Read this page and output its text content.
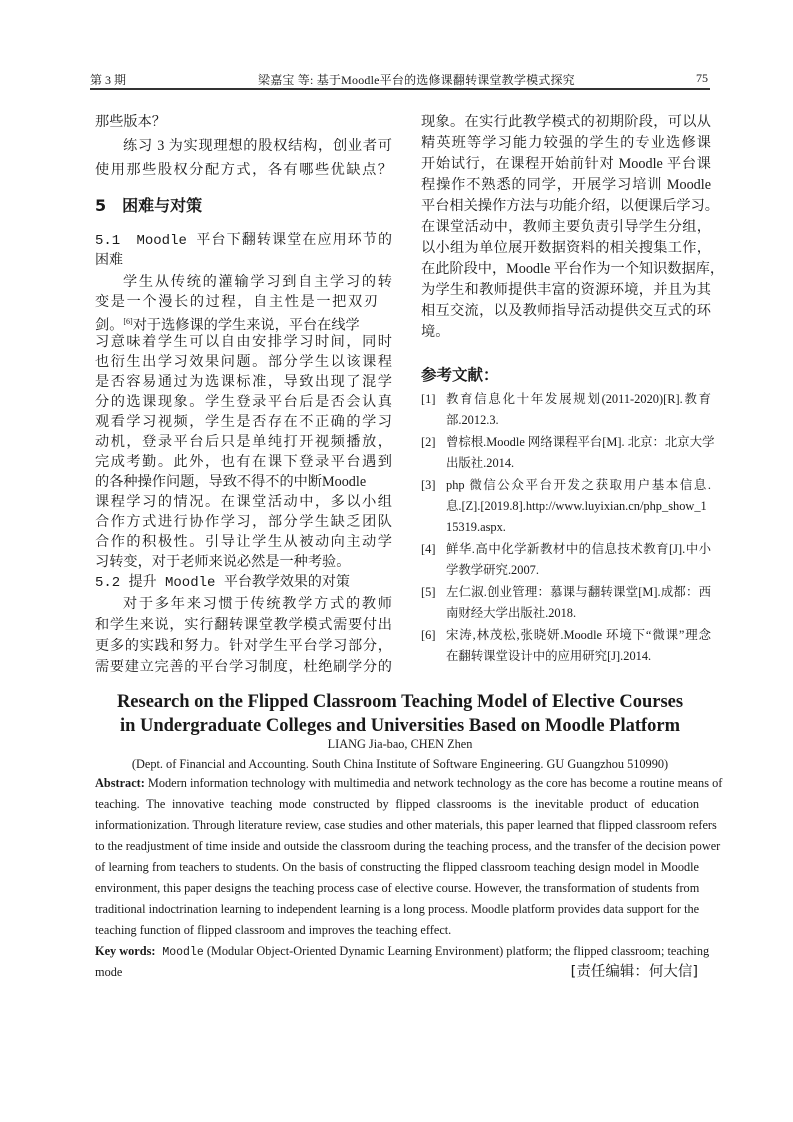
第 3 期	梁嘉宝 等: 基于Moodle平台的选修课翻转课堂教学模式探究	75
那些版本？
练习 3 为实现理想的股权结构，创业者可
使用那些股权分配方式，各有哪些优缺点？
5　困难与对策
5.1　Moodle 平台下翻转课堂在应用环节的
困难
学生从传统的灌输学习到自主学习的转
变是一个漫长的过程，自主性是一把双刃
剑。[6]对于选修课的学生来说，平台在线学
习意味着学生可以自由安排学习时间，同时
也衍生出学习效果问题。部分学生以该课程
是否容易通过为选课标准，导致出现了混学
分的选课现象。学生登录平台后是否会认真
观看学习视频，学生是否存在不正确的学习
动机，登录平台后只是单纯打开视频播放，
完成考勤。此外，也有在课下登录平台遇到
的各种操作问题，导致不得不的中断Moodle
课程学习的情况。在课堂活动中，多以小组
合作方式进行协作学习，部分学生缺乏团队
合作的积极性。引导让学生从被动向主动学
习转变，对于老师来说必然是一种考验。
5.2 提升 Moodle 平台教学效果的对策
对于多年来习惯于传统教学方式的教师
和学生来说，实行翻转课堂教学模式需要付出
更多的实践和努力。针对学生平台学习部分，
需要建立完善的平台学习制度，杜绝刷学分的
现象。在实行此教学模式的初期阶段，可以从
精英班等学习能力较强的学生的专业选修课
开始试行，在课程开始前针对 Moodle 平台课
程操作不熟悉的同学，开展学习培训 Moodle
平台相关操作方法与功能介绍，以便课后学习。
在课堂活动中，教师主要负责引导学生分组，
以小组为单位展开数据资料的相关搜集工作，
在此阶段中，Moodle 平台作为一个知识数据库，
为学生和教师提供丰富的资源环境，并且为其
相互交流，以及教师指导活动提供交互式的环
境。
参考文献：
[1] 教育信息化十年发展规划(2011-2020)[R].教育
部.2012.3.
[2] 曾棕根.Moodle 网络课程平台[M]. 北京：北京大学
出版社.2014.
[3] php 微信公众平台开发之获取用户基本信息.
息.[Z].[2019.8].http://www.luyixian.cn/php_show_1
15319.aspx.
[4] 鲜华.高中化学新教材中的信息技术教育[J].中小
学教学研究.2007.
[5] 左仁淑.创业管理：慕课与翻转课堂[M].成都：西
南财经大学出版社.2018.
[6] 宋涛,林茂松,张晓妍.Moodle 环境下“微课”理念
在翻转课堂设计中的应用研究[J].2014.
Research on the Flipped Classroom Teaching Model of Elective Courses
in Undergraduate Colleges and Universities Based on Moodle Platform
LIANG Jia-bao, CHEN Zhen
(Dept. of Financial and Accounting. South China Institute of Software Engineering. GU Guangzhou 510990)
Abstract: Modern information technology with multimedia and network technology as the core has become a routine means of
teaching. The innovative teaching mode constructed by flipped classrooms is the inevitable product of education
informationization. Through literature review, case studies and other materials, this paper learned that flipped classroom refers
to the readjustment of time inside and outside the classroom during the teaching process, and the transfer of the decision power
of learning from teachers to students. On the basis of constructing the flipped classroom teaching design model in Moodle
environment, this paper designs the teaching process case of elective course. However, the transformation of students from
traditional indoctrination learning to independent learning is a long process. Moodle platform provides data support for the
teaching function of flipped classroom and improves the teaching effect.
Key words: Moodle (Modular Object-Oriented Dynamic Learning Environment) platform; the flipped classroom; teaching
mode	[责任编辑：何大信]
